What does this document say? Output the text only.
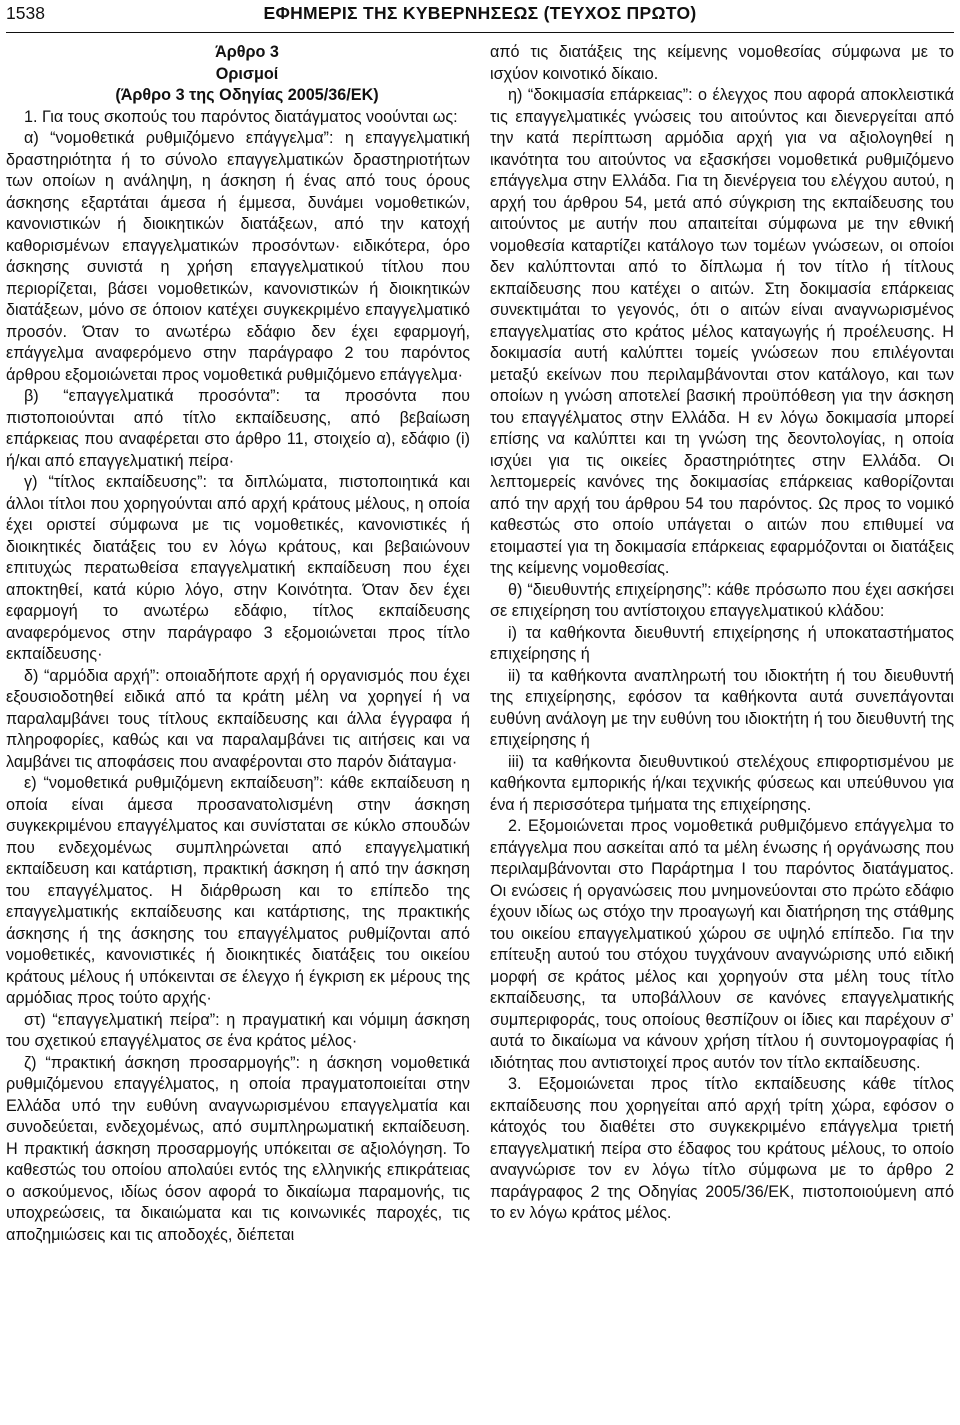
1538	ΕΦΗΜΕΡΙΣ ΤΗΣ ΚΥΒΕΡΝΗΣΕΩΣ (ΤΕΥΧΟΣ ΠΡΩΤΟ)

Άρθρο 3

Ορισμοί

(Άρθρο 3 της Οδηγίας 2005/36/ΕΚ)

1. Για τους σκοπούς του παρόντος διατάγματος νοούνται ως:

α) “νομοθετικά ρυθμιζόμενο επάγγελμα”: η επαγγελματική δραστηριότητα ή το σύνολο επαγγελματικών δραστηριοτήτων των οποίων η ανάληψη, η άσκηση ή ένας από τους όρους άσκησης εξαρτάται άμεσα ή έμμεσα, δυνάμει νομοθετικών, κανονιστικών ή διοικητικών διατάξεων, από την κατοχή καθορισμένων επαγγελματικών προσόντων· ειδικότερα, όρο άσκησης συνιστά η χρήση επαγγελματικού τίτλου που περιορίζεται, βάσει νομοθετικών, κανονιστικών ή διοικητικών διατάξεων, μόνο σε όποιον κατέχει συγκεκριμένο επαγγελματικό προσόν. Όταν το ανωτέρω εδάφιο δεν έχει εφαρμογή, επάγγελμα αναφερόμενο στην παράγραφο 2 του παρόντος άρθρου εξομοιώνεται προς νομοθετικά ρυθμιζόμενο επάγγελμα·

β) “επαγγελματικά προσόντα”: τα προσόντα που πιστοποιούνται από τίτλο εκπαίδευσης, από βεβαίωση επάρκειας που αναφέρεται στο άρθρο 11, στοιχείο α), εδάφιο (i) ή/και από επαγγελματική πείρα·

γ) “τίτλος εκπαίδευσης”: τα διπλώματα, πιστοποιητικά και άλλοι τίτλοι που χορηγούνται από αρχή κράτους μέλους, η οποία έχει οριστεί σύμφωνα με τις νομοθετικές, κανονιστικές ή διοικητικές διατάξεις του εν λόγω κράτους, και βεβαιώνουν επιτυχώς περατωθείσα επαγγελματική εκπαίδευση που έχει αποκτηθεί, κατά κύριο λόγο, στην Κοινότητα. Όταν δεν έχει εφαρμογή το ανωτέρω εδάφιο, τίτλος εκπαίδευσης αναφερόμενος στην παράγραφο 3 εξομοιώνεται προς τίτλο εκπαίδευσης·

δ) “αρμόδια αρχή”: οποιαδήποτε αρχή ή οργανισμός που έχει εξουσιοδοτηθεί ειδικά από τα κράτη μέλη να χορηγεί ή να παραλαμβάνει τους τίτλους εκπαίδευσης και άλλα έγγραφα ή πληροφορίες, καθώς και να παραλαμβάνει τις αιτήσεις και να λαμβάνει τις αποφάσεις που αναφέρονται στο παρόν διάταγμα·

ε) “νομοθετικά ρυθμιζόμενη εκπαίδευση”: κάθε εκπαίδευση η οποία είναι άμεσα προσανατολισμένη στην άσκηση συγκεκριμένου επαγγέλματος και συνίσταται σε κύκλο σπουδών που ενδεχομένως συμπληρώνεται από επαγγελματική εκπαίδευση και κατάρτιση, πρακτική άσκηση ή από την άσκηση του επαγγέλματος. Η διάρθρωση και το επίπεδο της επαγγελματικής εκπαίδευσης και κατάρτισης, της πρακτικής άσκησης ή της άσκησης του επαγγέλματος ρυθμίζονται από νομοθετικές, κανονιστικές ή διοικητικές διατάξεις του οικείου κράτους μέλους ή υπόκεινται σε έλεγχο ή έγκριση εκ μέρους της αρμόδιας προς τούτο αρχής·

στ) “επαγγελματική πείρα”: η πραγματική και νόμιμη άσκηση του σχετικού επαγγέλματος σε ένα κράτος μέλος·

ζ) “πρακτική άσκηση προσαρμογής”: η άσκηση νομοθετικά ρυθμιζόμενου επαγγέλματος, η οποία πραγματοποιείται στην Ελλάδα υπό την ευθύνη αναγνωρισμένου επαγγελματία και συνοδεύεται, ενδεχομένως, από συμπληρωματική εκπαίδευση. Η πρακτική άσκηση προσαρμογής υπόκειται σε αξιολόγηση. Το καθεστώς του οποίου απολαύει εντός της ελληνικής επικράτειας ο ασκούμενος, ιδίως όσον αφορά το δικαίωμα παραμονής, τις υποχρεώσεις, τα δικαιώματα και τις κοινωνικές παροχές, τις αποζημιώσεις και τις αποδοχές, διέπεται

από τις διατάξεις της κείμενης νομοθεσίας σύμφωνα με το ισχύον κοινοτικό δίκαιο.

η) “δοκιμασία επάρκειας”: ο έλεγχος που αφορά αποκλειστικά τις επαγγελματικές γνώσεις του αιτούντος και διενεργείται από την κατά περίπτωση αρμόδια αρχή για να αξιολογηθεί η ικανότητα του αιτούντος να εξασκήσει νομοθετικά ρυθμιζόμενο επάγγελμα στην Ελλάδα. Για τη διενέργεια του ελέγχου αυτού, η αρχή του άρθρου 54, μετά από σύγκριση της εκπαίδευσης του αιτούντος με αυτήν που απαιτείται σύμφωνα με την εθνική νομοθεσία καταρτίζει κατάλογο των τομέων γνώσεων, οι οποίοι δεν καλύπτονται από το δίπλωμα ή τον τίτλο ή τίτλους εκπαίδευσης που κατέχει ο αιτών. Στη δοκιμασία επάρκειας συνεκτιμάται το γεγονός, ότι ο αιτών είναι αναγνωρισμένος επαγγελματίας στο κράτος μέλος καταγωγής ή προέλευσης. Η δοκιμασία αυτή καλύπτει τομείς γνώσεων που επιλέγονται μεταξύ εκείνων που περιλαμβάνονται στον κατάλογο, και των οποίων η γνώση αποτελεί βασική προϋπόθεση για την άσκηση του επαγγέλματος στην Ελλάδα. Η εν λόγω δοκιμασία μπορεί επίσης να καλύπτει και τη γνώση της δεοντολογίας, η οποία ισχύει για τις οικείες δραστηριότητες στην Ελλάδα. Οι λεπτομερείς κανόνες της δοκιμασίας επάρκειας καθορίζονται από την αρχή του άρθρου 54 του παρόντος. Ως προς το νομικό καθεστώς στο οποίο υπάγεται ο αιτών που επιθυμεί να ετοιμαστεί για τη δοκιμασία επάρκειας εφαρμόζονται οι διατάξεις της κείμενης νομοθεσίας.

θ) “διευθυντής επιχείρησης”: κάθε πρόσωπο που έχει ασκήσει σε επιχείρηση του αντίστοιχου επαγγελματικού κλάδου:

i) τα καθήκοντα διευθυντή επιχείρησης ή υποκαταστήματος επιχείρησης ή

ii) τα καθήκοντα αναπληρωτή του ιδιοκτήτη ή του διευθυντή της επιχείρησης, εφόσον τα καθήκοντα αυτά συνεπάγονται ευθύνη ανάλογη με την ευθύνη του ιδιοκτήτη ή του διευθυντή της επιχείρησης ή

iii) τα καθήκοντα διευθυντικού στελέχους επιφορτισμένου με καθήκοντα εμπορικής ή/και τεχνικής φύσεως και υπεύθυνου για ένα ή περισσότερα τμήματα της επιχείρησης.

2. Εξομοιώνεται προς νομοθετικά ρυθμιζόμενο επάγγελμα το επάγγελμα που ασκείται από τα μέλη ένωσης ή οργάνωσης που περιλαμβάνονται στο Παράρτημα Ι του παρόντος διατάγματος. Οι ενώσεις ή οργανώσεις που μνημονεύονται στο πρώτο εδάφιο έχουν ιδίως ως στόχο την προαγωγή και διατήρηση της στάθμης του οικείου επαγγελματικού χώρου σε υψηλό επίπεδο. Για την επίτευξη αυτού του στόχου τυγχάνουν αναγνώρισης υπό ειδική μορφή σε κράτος μέλος και χορηγούν στα μέλη τους τίτλο εκπαίδευσης, τα υποβάλλουν σε κανόνες επαγγελματικής συμπεριφοράς, τους οποίους θεσπίζουν οι ίδιες και παρέχουν σ’ αυτά το δικαίωμα να κάνουν χρήση τίτλου ή συντομογραφίας ή ιδιότητας που αντιστοιχεί προς αυτόν τον τίτλο εκπαίδευσης.

3. Εξομοιώνεται προς τίτλο εκπαίδευσης κάθε τίτλος εκπαίδευσης που χορηγείται από αρχή τρίτη χώρα, εφόσον ο κάτοχός του διαθέτει στο συγκεκριμένο επάγγελμα τριετή επαγγελματική πείρα στο έδαφος του κράτους μέλους, το οποίο αναγνώρισε τον εν λόγω τίτλο σύμφωνα με το άρθρο 2 παράγραφος 2 της Οδηγίας 2005/36/ΕΚ, πιστοποιούμενη από το εν λόγω κράτος μέλος.
